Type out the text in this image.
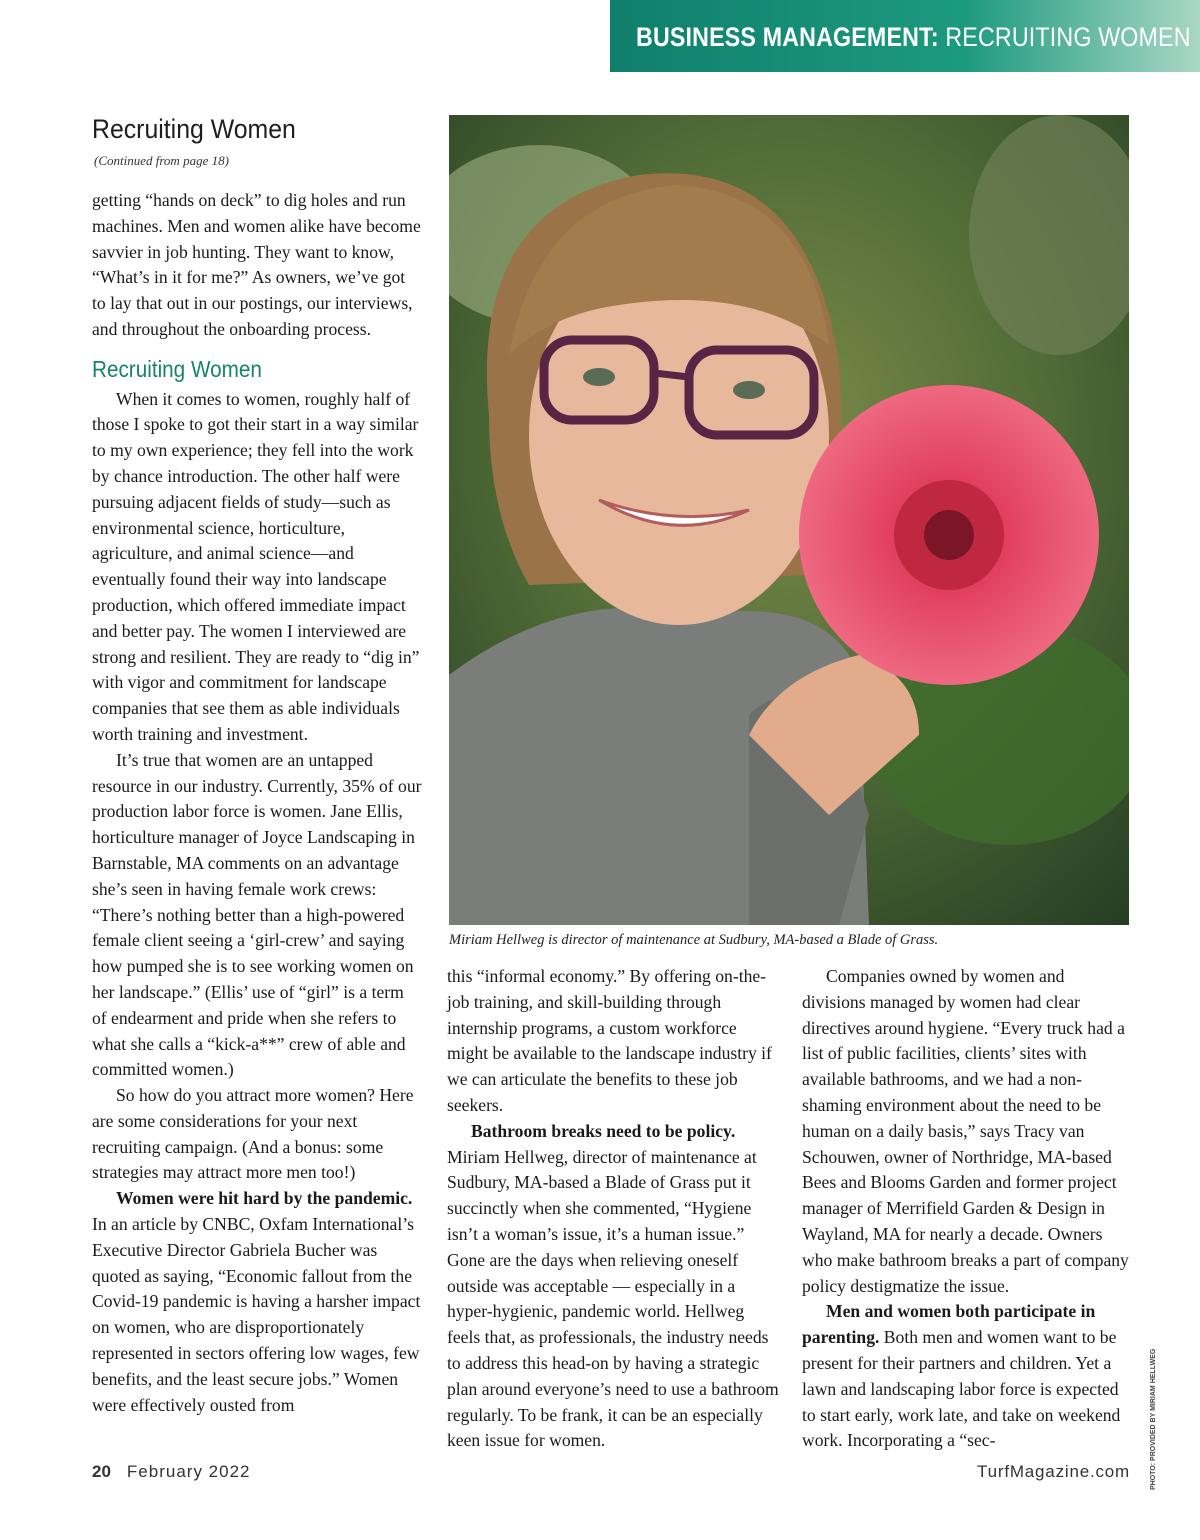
BUSINESS MANAGEMENT: RECRUITING WOMEN
Recruiting Women
(Continued from page 18)

getting “hands on deck” to dig holes and run machines. Men and women alike have become savvier in job hunting. They want to know, “What’s in it for me?” As owners, we’ve got to lay that out in our postings, our interviews, and throughout the onboarding process.

Recruiting Women

When it comes to women, roughly half of those I spoke to got their start in a way similar to my own experience; they fell into the work by chance introduction. The other half were pursuing adjacent fields of study—such as environmental science, horticulture, agriculture, and animal science—and eventually found their way into landscape production, which offered immediate impact and better pay. The women I interviewed are strong and resilient. They are ready to “dig in” with vigor and commitment for landscape companies that see them as able individuals worth training and investment.

It’s true that women are an untapped resource in our industry. Currently, 35% of our production labor force is women. Jane Ellis, horticulture manager of Joyce Landscaping in Barnstable, MA comments on an advantage she’s seen in having female work crews: “There’s nothing better than a high-powered female client seeing a ‘girl-crew’ and saying how pumped she is to see working women on her landscape.” (Ellis’ use of “girl” is a term of endearment and pride when she refers to what she calls a “kick-a**” crew of able and committed women.)

So how do you attract more women? Here are some considerations for your next recruiting campaign. (And a bonus: some strategies may attract more men too!)

Women were hit hard by the pandemic. In an article by CNBC, Oxfam International’s Executive Director Gabriela Bucher was quoted as saying, “Economic fallout from the Covid-19 pandemic is having a harsher impact on women, who are disproportionately represented in sectors offering low wages, few benefits, and the least secure jobs.” Women were effectively ousted from

Miriam Hellweg is director of maintenance at Sudbury, MA-based a Blade of Grass.
PHOTO: PROVIDED BY MIRIAM HELLWEG

this “informal economy.” By offering on-the-job training, and skill-building through internship programs, a custom workforce might be available to the landscape industry if we can articulate the benefits to these job seekers.

Bathroom breaks need to be policy. Miriam Hellweg, director of maintenance at Sudbury, MA-based a Blade of Grass put it succinctly when she commented, “Hygiene isn’t a woman’s issue, it’s a human issue.” Gone are the days when relieving oneself outside was acceptable — especially in a hyper-hygienic, pandemic world. Hellweg feels that, as professionals, the industry needs to address this head-on by having a strategic plan around everyone’s need to use a bathroom regularly. To be frank, it can be an especially keen issue for women.

Companies owned by women and divisions managed by women had clear directives around hygiene. “Every truck had a list of public facilities, clients’ sites with available bathrooms, and we had a non-shaming environment about the need to be human on a daily basis,” says Tracy van Schouwen, owner of Northridge, MA-based Bees and Blooms Garden and former project manager of Merrifield Garden & Design in Wayland, MA for nearly a decade. Owners who make bathroom breaks a part of company policy destigmatize the issue.

Men and women both participate in parenting. Both men and women want to be present for their partners and children. Yet a lawn and landscaping labor force is expected to start early, work late, and take on weekend work. Incorporating a “sec-

20 February 2022	TurfMagazine.com
